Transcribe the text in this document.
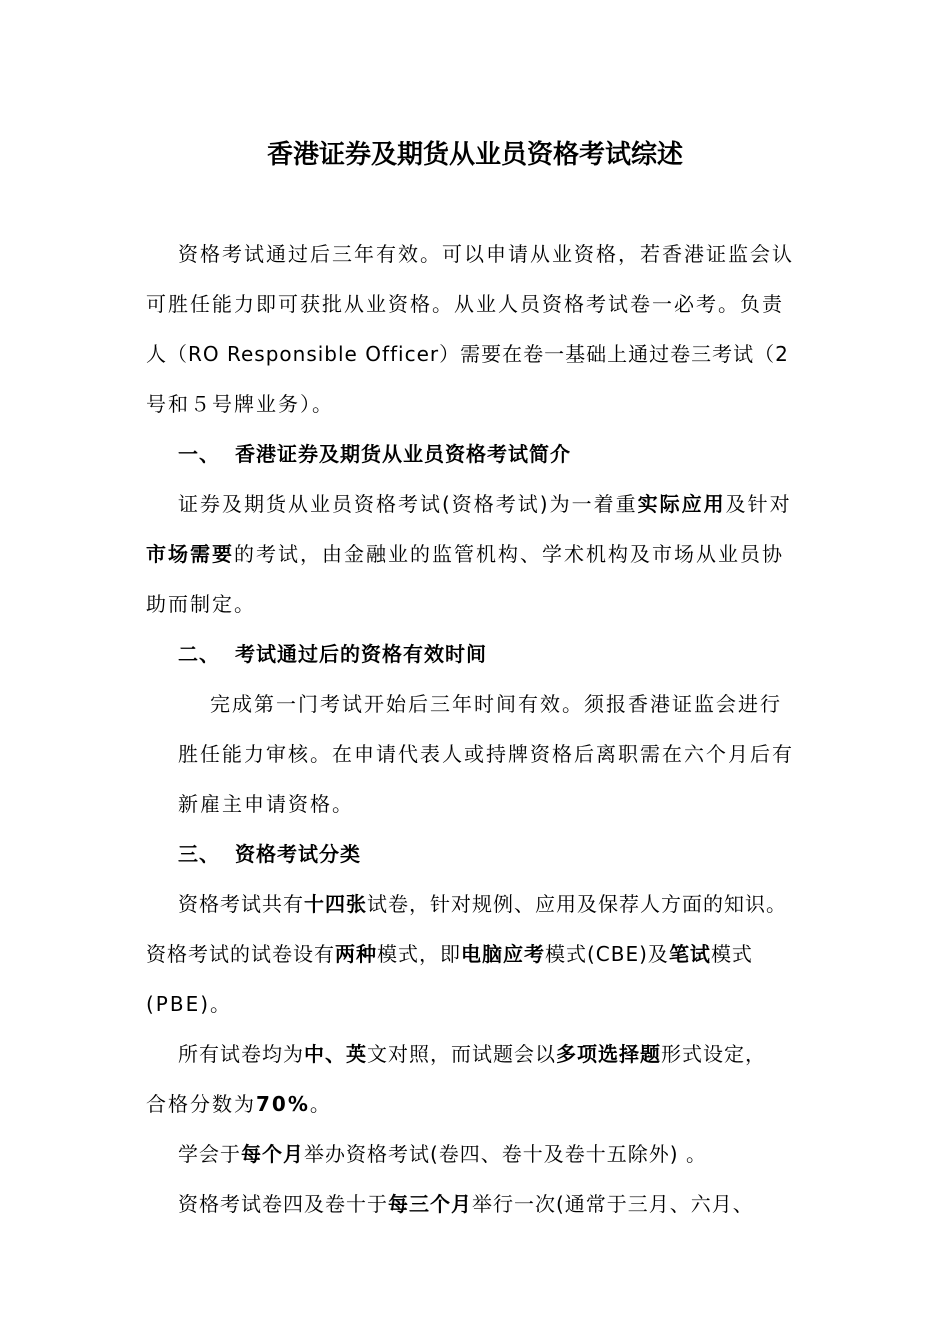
香港证券及期货从业员资格考试综述
资格考试通过后三年有效。可以申请从业资格，若香港证监会认
可胜任能力即可获批从业资格。从业人员资格考试卷一必考。负责
人（RO Responsible Officer）需要在卷一基础上通过卷三考试（2
号和５号牌业务）。
一、 香港证券及期货从业员资格考试简介
证券及期货从业员资格考试(资格考试)为一着重实际应用及针对
市场需要的考试，由金融业的监管机构、学术机构及市场从业员协
助而制定。
二、 考试通过后的资格有效时间
完成第一门考试开始后三年时间有效。须报香港证监会进行
胜任能力审核。在申请代表人或持牌资格后离职需在六个月后有
新雇主申请资格。
三、 资格考试分类
资格考试共有十四张试卷，针对规例、应用及保荐人方面的知识。
资格考试的试卷设有两种模式，即电脑应考模式(CBE)及笔试模式
(PBE)。
所有试卷均为中、英文对照，而试题会以多项选择题形式设定，
合格分数为70%。
学会于每个月举办资格考试(卷四、卷十及卷十五除外) 。
资格考试卷四及卷十于每三个月举行一次(通常于三月、六月、
